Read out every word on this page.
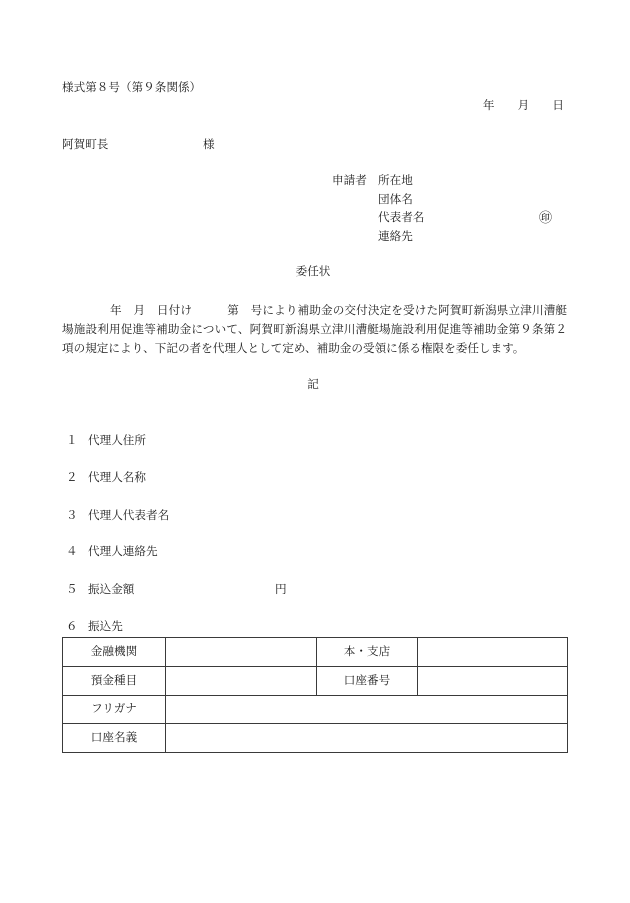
様式第８号（第９条関係）
年　　月　　日
阿賀町長	様
申請者 所在地
団体名
代表者名	㊞
連絡先
委任状
年　月　日付け　　　第　号により補助金の交付決定を受けた阿賀町新潟県立津川漕艇
場施設利用促進等補助金について、阿賀町新潟県立津川漕艇場施設利用促進等補助金第９条第２
項の規定により、下記の者を代理人として定め、補助金の受領に係る権限を委任します。
記
１ 代理人住所
２ 代理人名称
３ 代理人代表者名
４ 代理人連絡先
５ 振込金額	円
６ 振込先
金融機関		本・支店	
預金種目		口座番号	
フリガナ			
口座名義			
